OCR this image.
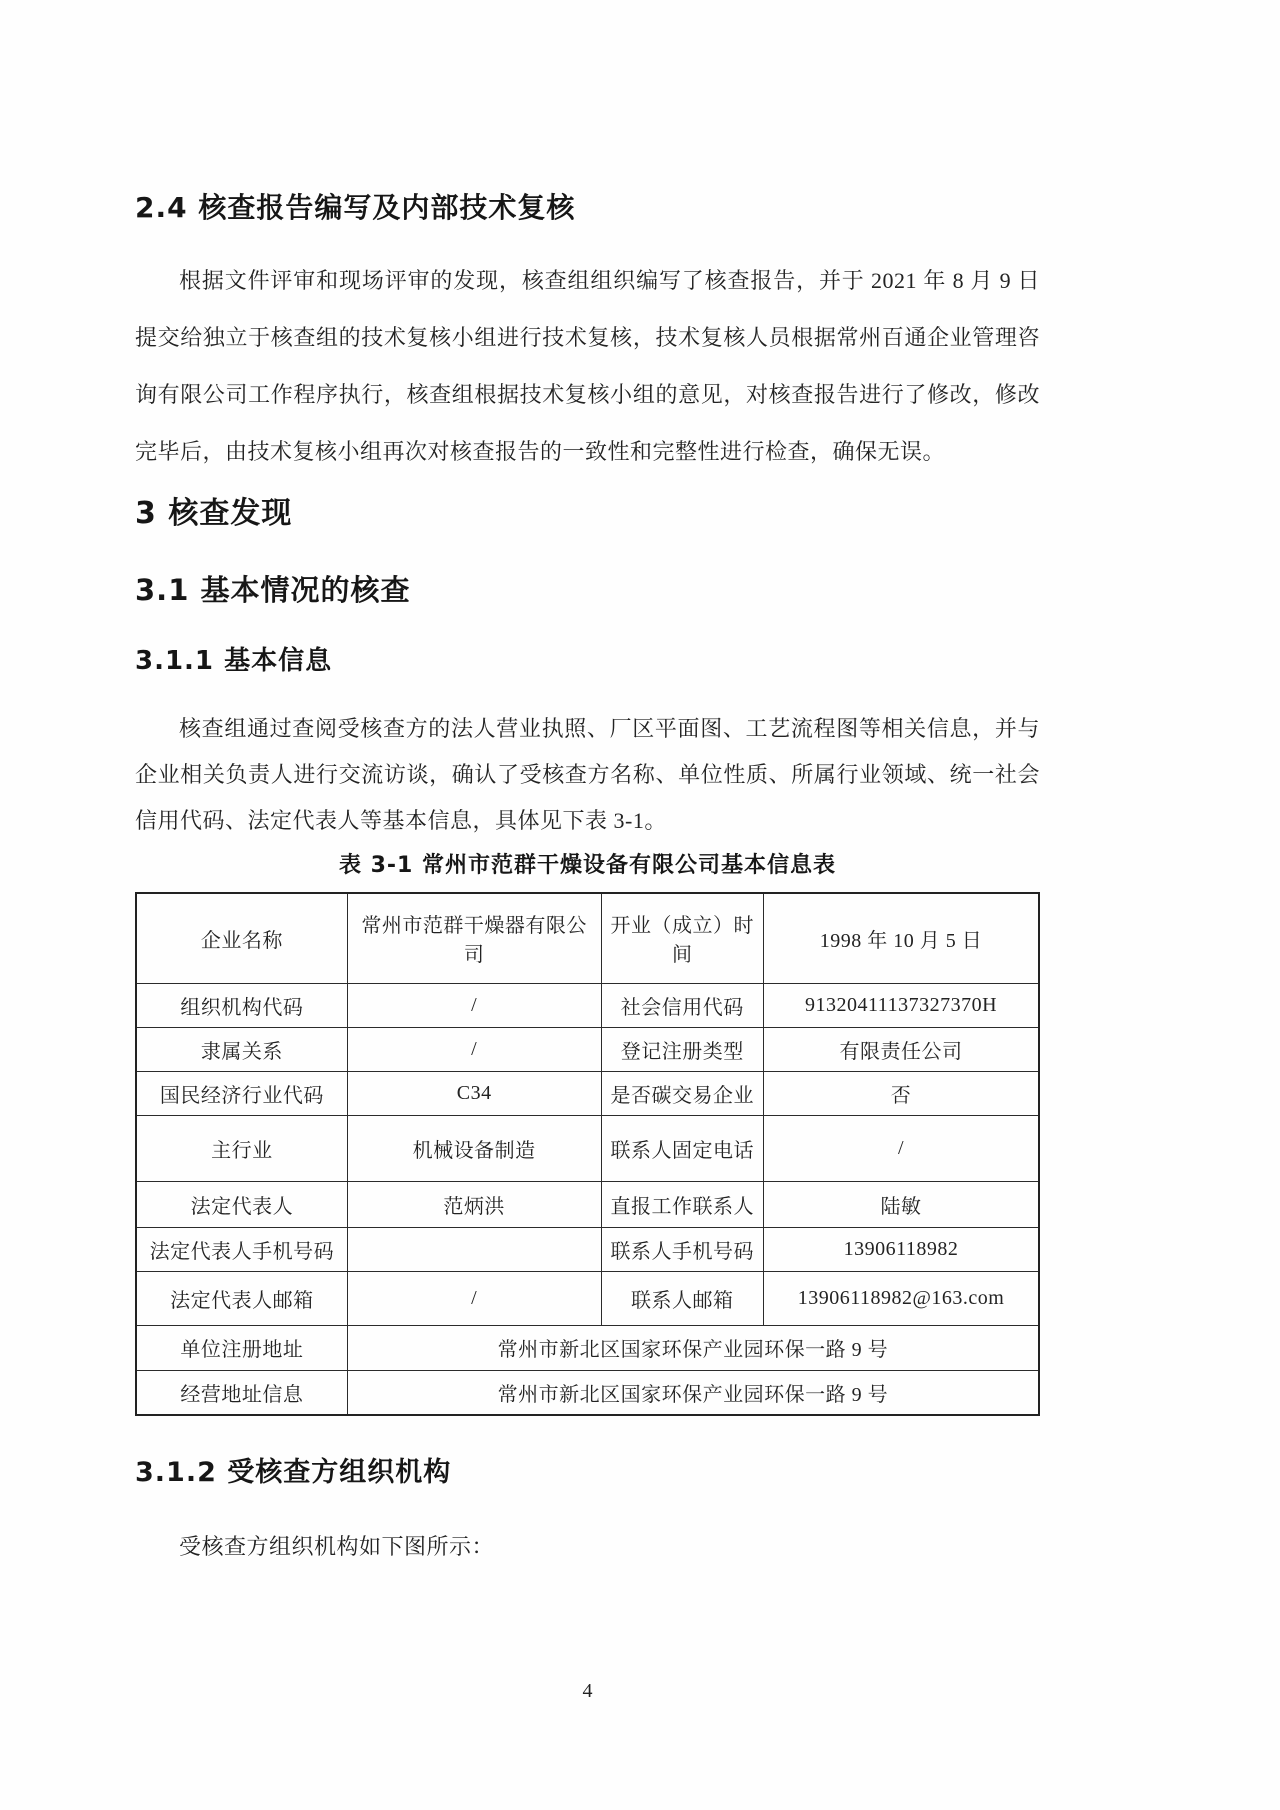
2.4 核查报告编写及内部技术复核

根据文件评审和现场评审的发现，核查组组织编写了核查报告，并于 2021 年 8 月 9 日提交给独立于核查组的技术复核小组进行技术复核，技术复核人员根据常州百通企业管理咨询有限公司工作程序执行，核查组根据技术复核小组的意见，对核查报告进行了修改，修改完毕后，由技术复核小组再次对核查报告的一致性和完整性进行检查，确保无误。

3 核查发现
3.1 基本情况的核查
3.1.1 基本信息

核查组通过查阅受核查方的法人营业执照、厂区平面图、工艺流程图等相关信息，并与企业相关负责人进行交流访谈，确认了受核查方名称、单位性质、所属行业领域、统一社会信用代码、法定代表人等基本信息，具体见下表 3-1。

表 3-1 常州市范群干燥设备有限公司基本信息表
企业名称	常州市范群干燥器有限公司	开业（成立）时间	1998 年 10 月 5 日
组织机构代码	/	社会信用代码	91320411137327370H
隶属关系	/	登记注册类型	有限责任公司
国民经济行业代码	C34	是否碳交易企业	否
主行业	机械设备制造	联系人固定电话	/
法定代表人	范炳洪	直报工作联系人	陆敏
法定代表人手机号码		联系人手机号码	13906118982
法定代表人邮箱	/	联系人邮箱	13906118982@163.com
单位注册地址	常州市新北区国家环保产业园环保一路 9 号		
经营地址信息	常州市新北区国家环保产业园环保一路 9 号		
3.1.2 受核查方组织机构

受核查方组织机构如下图所示：

4
